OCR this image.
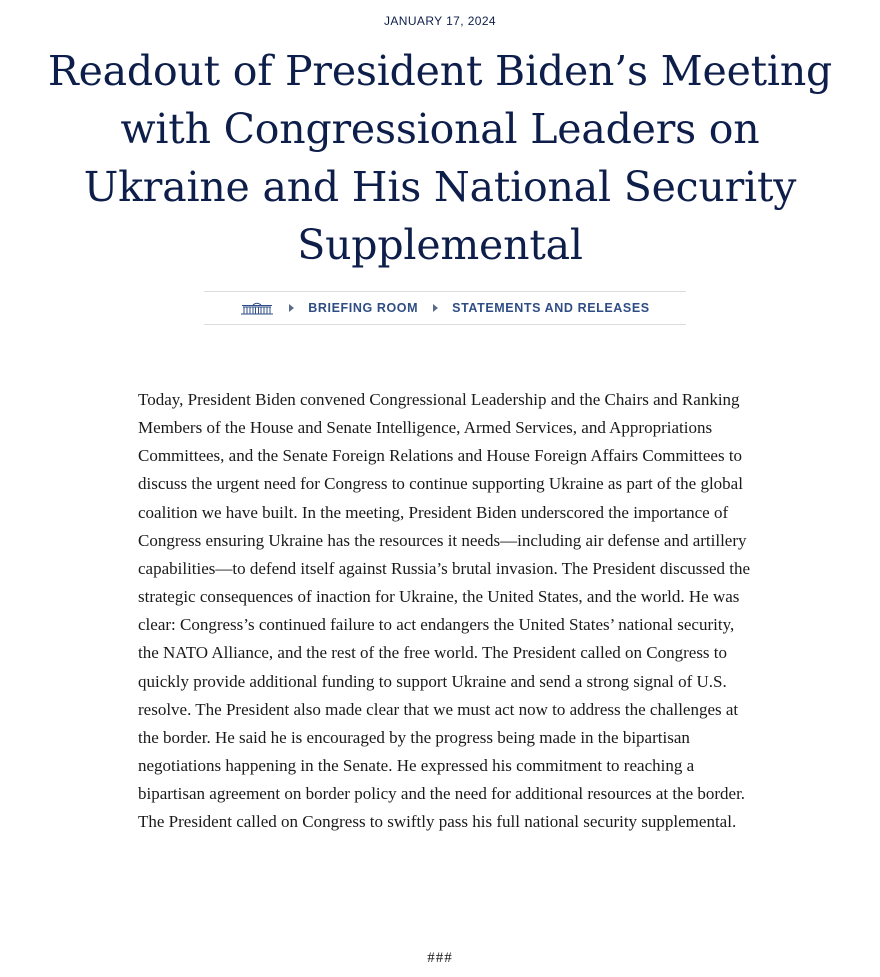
JANUARY 17, 2024
Readout of President Biden’s Meeting with Congressional Leaders on Ukraine and His National Security Supplemental
BRIEFING ROOM	STATEMENTS AND RELEASES

Today, President Biden convened Congressional Leadership and the Chairs and Ranking Members of the House and Senate Intelligence, Armed Services, and Appropriations Committees, and the Senate Foreign Relations and House Foreign Affairs Committees to discuss the urgent need for Congress to continue supporting Ukraine as part of the global coalition we have built. In the meeting, President Biden underscored the importance of Congress ensuring Ukraine has the resources it needs—including air defense and artillery capabilities—to defend itself against Russia’s brutal invasion. The President discussed the strategic consequences of inaction for Ukraine, the United States, and the world. He was clear: Congress’s continued failure to act endangers the United States’ national security, the NATO Alliance, and the rest of the free world. The President called on Congress to quickly provide additional funding to support Ukraine and send a strong signal of U.S. resolve. The President also made clear that we must act now to address the challenges at the border. He said he is encouraged by the progress being made in the bipartisan negotiations happening in the Senate. He expressed his commitment to reaching a bipartisan agreement on border policy and the need for additional resources at the border. The President called on Congress to swiftly pass his full national security supplemental.

###
